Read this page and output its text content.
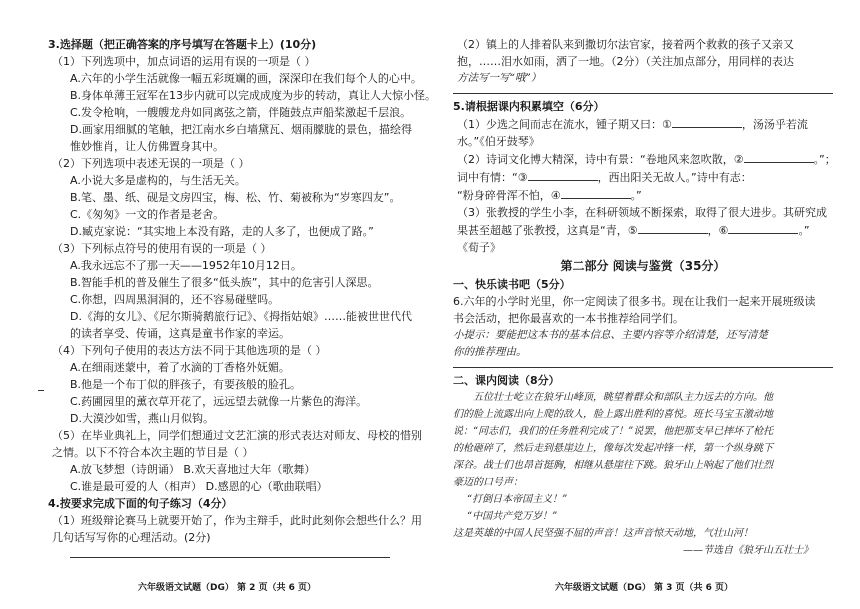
3.选择题（把正确答案的序号填写在答题卡上）(10分)

（1）下列选项中，加点词语的运用有误的一项是（ ）

A.六年的小学生活就像一幅五彩斑斓的画，深深印在我们每个人的心中。

B.身体单薄王冠军在13步内就可以完成成度为步的转动，真让人大惊小怪。

C.发令枪响，一艘艘龙舟如同离弦之箭，伴随鼓点声船桨激起千层浪。

D.画家用细腻的笔触，把江南水乡白墙黛瓦、烟雨朦胧的景色，描绘得

惟妙惟肖，让人仿佛置身其中。

（2）下列选项中表述无误的一项是（ ）

A.小说大多是虚构的，与生活无关。

B.笔、墨、纸、砚是文房四宝，梅、松、竹、菊被称为“岁寒四友”。

C.《匆匆》一文的作者是老舍。

D.臧克家说：“其实地上本没有路，走的人多了，也便成了路。”

（3）下列标点符号的使用有误的一项是（ ）

A.我永远忘不了那一天——1952年10月12日。

B.智能手机的普及催生了很多“低头族”，其中的危害引人深思。

C.你想，四周黑洞洞的，还不容易碰壁吗。

D.《海的女儿》、《尼尔斯骑鹅旅行记》、《拇指姑娘》……能被世世代代

的读者享受、传诵，这真是童书作家的幸运。

（4）下列句子使用的表达方法不同于其他选项的是（ ）

A.在细雨迷蒙中，着了水滴的丁香格外妩媚。

B.他是一个布丁似的胖孩子，有要孩般的脸孔。

C.药圃园里的薰衣草开花了，远远望去就像一片紫色的海洋。

D.大漠沙如雪，燕山月似钩。

（5）在毕业典礼上，同学们想通过文艺汇演的形式表达对师友、母校的惜别

之情。以下不符合本次主题的节目是（ ）

A.放飞梦想（诗朗诵） B.欢天喜地过大年（歌舞）

C.谁是最可爱的人（相声） D.感恩的心（歌曲联唱）

4.按要求完成下面的句子练习（4分）

（1）班级辩论赛马上就要开始了，作为主辩手，此时此刻你会想些什么？用

几句话写写你的心理活动。(2分)

六年级语文试题（DG） 第 2 页（共 6 页）

（2）镇上的人排着队来到撒切尔法官家，接着两个救救的孩子又亲又

抱，……泪水如雨，洒了一地。（2分）（关注加点部分，用同样的表达

方法写一写“哦”）

5.请根据课内积累填空（6分）

（1）少选之间而志在流水，锺子期又曰：①	，汤汤乎若流

水。”《伯牙鼓琴》

（2）诗词文化博大精深，诗中有景：“卷地风来忽吹散，②	。”；

词中有情：“③	，西出阳关无故人。”诗中有志：

“粉身碎骨浑不怕，④	。”

（3）张教授的学生小李，在科研领域不断探索，取得了很大进步。其研究成

果甚至超越了张教授，这真是“青，⑤	，⑥	。”

《荀子》

第二部分 阅读与鉴赏（35分）

一、快乐读书吧（5分）

6.六年的小学时光里，你一定阅读了很多书。现在让我们一起来开展班级读

书会活动，把你最喜欢的一本书推荐给同学们。

小提示：要能把这本书的基本信息、主要内容等介绍清楚，还写清楚

你的推荐理由。

二、课内阅读（8分）

五位壮士屹立在狼牙山峰顶，眺望着群众和部队主力远去的方向。他

们的脸上流露出向上爬的敌人，脸上露出胜利的喜悦。班长马宝玉激动地

说：“同志们，我们的任务胜利完成了！”说罢，他把那支早已摔坏了枪托

的枪砸碎了，然后走到悬崖边上，像每次发起冲锋一样，第一个纵身跳下

深谷。战士们也昂首挺胸，相继从悬崖往下跳。狼牙山上响起了他们壮烈

豪迈的口号声：

“打倒日本帝国主义！”

“中国共产党万岁！”

这是英雄的中国人民坚强不屈的声音！这声音惊天动地，气壮山河！

——节选自《狼牙山五壮士》

六年级语文试题（DG） 第 3 页（共 6 页）
